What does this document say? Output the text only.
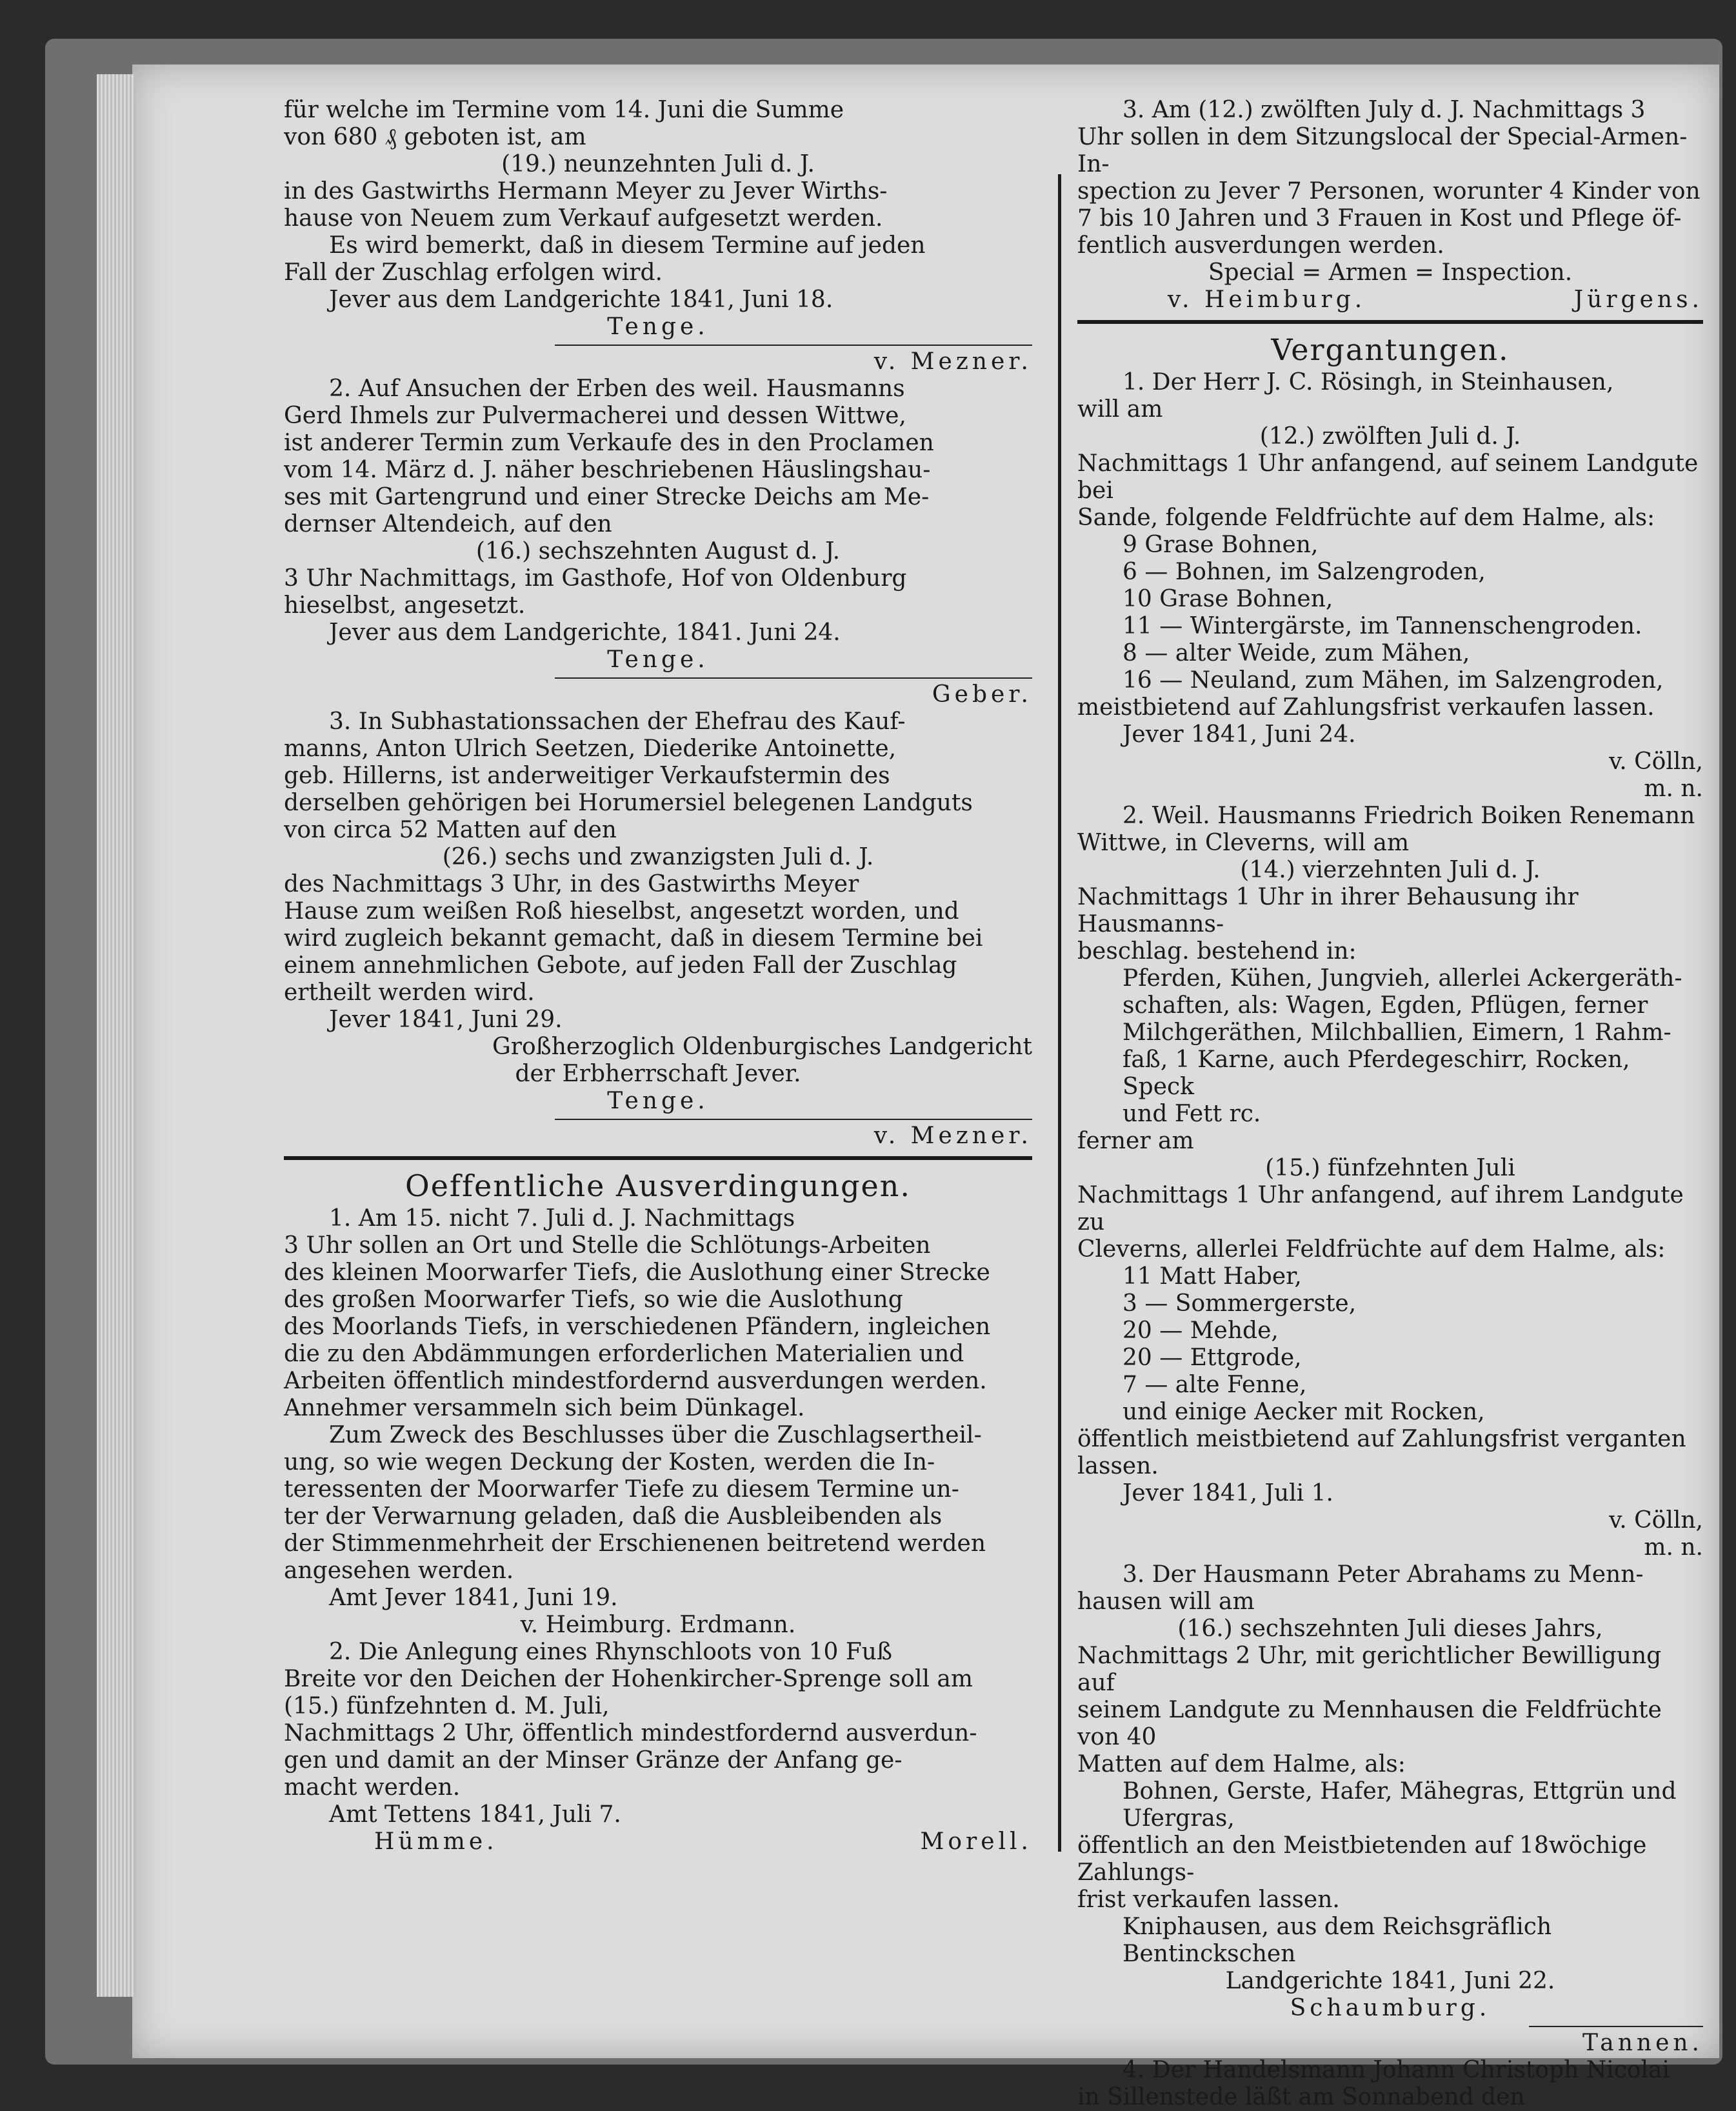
für welche im Termine vom 14. Juni die Summe

von 680 ₰ geboten ist, am

(19.) neunzehnten Juli d. J.

in des Gastwirths Hermann Meyer zu Jever Wirths-

hause von Neuem zum Verkauf aufgesetzt werden.

Es wird bemerkt, daß in diesem Termine auf jeden

Fall der Zuschlag erfolgen wird.

Jever aus dem Landgerichte 1841, Juni 18.

Tenge.

v. Mezner.

2. Auf Ansuchen der Erben des weil. Hausmanns

Gerd Ihmels zur Pulvermacherei und dessen Wittwe,

ist anderer Termin zum Verkaufe des in den Proclamen

vom 14. März d. J. näher beschriebenen Häuslingshau-

ses mit Gartengrund und einer Strecke Deichs am Me-

dernser Altendeich, auf den

(16.) sechszehnten August d. J.

3 Uhr Nachmittags, im Gasthofe, Hof von Oldenburg

hieselbst, angesetzt.

Jever aus dem Landgerichte, 1841. Juni 24.

Tenge.

Geber.

3. In Subhastationssachen der Ehefrau des Kauf-

manns, Anton Ulrich Seetzen, Diederike Antoinette,

geb. Hillerns, ist anderweitiger Verkaufstermin des

derselben gehörigen bei Horumersiel belegenen Landguts

von circa 52 Matten auf den

(26.) sechs und zwanzigsten Juli d. J.

des Nachmittags 3 Uhr, in des Gastwirths Meyer

Hause zum weißen Roß hieselbst, angesetzt worden, und

wird zugleich bekannt gemacht, daß in diesem Termine bei

einem annehmlichen Gebote, auf jeden Fall der Zuschlag

ertheilt werden wird.

Jever 1841, Juni 29.

Großherzoglich Oldenburgisches Landgericht

der Erbherrschaft Jever.

Tenge.

v. Mezner.

Oeffentliche Ausverdingungen.

1. Am 15. nicht 7. Juli d. J. Nachmittags

3 Uhr sollen an Ort und Stelle die Schlötungs-Arbeiten

des kleinen Moorwarfer Tiefs, die Auslothung einer Strecke

des großen Moorwarfer Tiefs, so wie die Auslothung

des Moorlands Tiefs, in verschiedenen Pfändern, ingleichen

die zu den Abdämmungen erforderlichen Materialien und

Arbeiten öffentlich mindestfordernd ausverdungen werden.

Annehmer versammeln sich beim Dünkagel.

Zum Zweck des Beschlusses über die Zuschlagsertheil-

ung, so wie wegen Deckung der Kosten, werden die In-

teressenten der Moorwarfer Tiefe zu diesem Termine un-

ter der Verwarnung geladen, daß die Ausbleibenden als

der Stimmenmehrheit der Erschienenen beitretend werden

angesehen werden.

Amt Jever 1841, Juni 19.

v. Heimburg. Erdmann.

2. Die Anlegung eines Rhynschloots von 10 Fuß

Breite vor den Deichen der Hohenkircher-Sprenge soll am

(15.) fünfzehnten d. M. Juli,

Nachmittags 2 Uhr, öffentlich mindestfordernd ausverdun-

gen und damit an der Minser Gränze der Anfang ge-

macht werden.

Amt Tettens 1841, Juli 7.

Hümme.	Morell.

3. Am (12.) zwölften July d. J. Nachmittags 3

Uhr sollen in dem Sitzungslocal der Special-Armen-In-

spection zu Jever 7 Personen, worunter 4 Kinder von

7 bis 10 Jahren und 3 Frauen in Kost und Pflege öf-

fentlich ausverdungen werden.

Special = Armen = Inspection.

v. Heimburg.	Jürgens.

Vergantungen.

1. Der Herr J. C. Rösingh, in Steinhausen,

will am

(12.) zwölften Juli d. J.

Nachmittags 1 Uhr anfangend, auf seinem Landgute bei

Sande, folgende Feldfrüchte auf dem Halme, als:

9 Grase Bohnen,

6 — Bohnen, im Salzengroden,

10 Grase Bohnen,

11 — Wintergärste, im Tannenschengroden.

8 — alter Weide, zum Mähen,

16 — Neuland, zum Mähen, im Salzengroden,

meistbietend auf Zahlungsfrist verkaufen lassen.

Jever 1841, Juni 24.

v. Cölln,

m. n.

2. Weil. Hausmanns Friedrich Boiken Renemann

Wittwe, in Cleverns, will am

(14.) vierzehnten Juli d. J.

Nachmittags 1 Uhr in ihrer Behausung ihr Hausmanns-

beschlag. bestehend in:

Pferden, Kühen, Jungvieh, allerlei Ackergeräth-

schaften, als: Wagen, Egden, Pflügen, ferner

Milchgeräthen, Milchballien, Eimern, 1 Rahm-

faß, 1 Karne, auch Pferdegeschirr, Rocken, Speck

und Fett rc.

ferner am

(15.) fünfzehnten Juli

Nachmittags 1 Uhr anfangend, auf ihrem Landgute zu

Cleverns, allerlei Feldfrüchte auf dem Halme, als:

11 Matt Haber,

3 — Sommergerste,

20 — Mehde,

20 — Ettgrode,

7 — alte Fenne,

und einige Aecker mit Rocken,

öffentlich meistbietend auf Zahlungsfrist verganten lassen.

Jever 1841, Juli 1.

v. Cölln,

m. n.

3. Der Hausmann Peter Abrahams zu Menn-

hausen will am

(16.) sechszehnten Juli dieses Jahrs,

Nachmittags 2 Uhr, mit gerichtlicher Bewilligung auf

seinem Landgute zu Mennhausen die Feldfrüchte von 40

Matten auf dem Halme, als:

Bohnen, Gerste, Hafer, Mähegras, Ettgrün und

Ufergras,

öffentlich an den Meistbietenden auf 18wöchige Zahlungs-

frist verkaufen lassen.

Kniphausen, aus dem Reichsgräflich Bentinckschen

Landgerichte 1841, Juni 22.

Schaumburg.

Tannen.

4. Der Handelsmann Johann Christoph Nicolai

in Sillenstede läßt am Sonnabend den
